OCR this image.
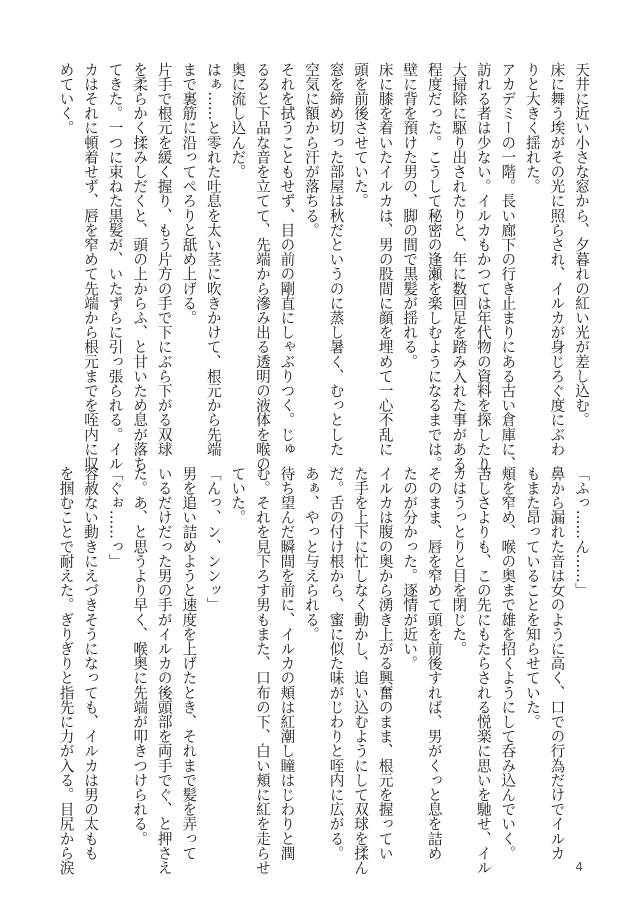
天井に近い小さな窓から、夕暮れの紅い光が差し込む。

床に舞う埃がその光に照らされ、イルカが身じろぐ度にぶわ

りと大きく揺れた。

アカデミーの一階。長い廊下の行き止まりにある古い倉庫に、

訪れる者は少ない。イルカもかつては年代物の資料を探したり、

大掃除に駆り出されたりと、年に数回足を踏み入れた事がある

程度だった。こうして秘密の逢瀬を楽しむようになるまでは。

壁に背を預けた男の、脚の間で黒髪が揺れる。

床に膝を着いたイルカは、男の股間に顔を埋めて一心不乱に

頭を前後させていた。

窓を締め切った部屋は秋だというのに蒸し暑く、むっとした

空気に額から汗が落ちる。

それを拭うこともせず、目の前の剛直にしゃぶりつく。じゅ

るると下品な音を立てて、先端から滲み出る透明の液体を喉の

奥に流し込んだ。

はぁ……と零れた吐息を太い茎に吹きかけて、根元から先端

まで裏筋に沿ってぺろりと舐め上げる。

片手で根元を緩く握り、もう片方の手で下にぶら下がる双球

を柔らかく揉みしだくと、頭の上からふ、と甘いため息が落ち

てきた。一つに束ねた黒髪が、いたずらに引っ張られる。イル

カはそれに頓着せず、唇を窄めて先端から根元までを咥内に収

めていく。

「ふっ……ん……」

鼻から漏れた音は女のように高く、口での行為だけでイルカ

もまた昂っていることを知らせていた。

頬を窄め、喉の奥まで雄を招くようにして呑み込んでいく。

苦しさよりも、この先にもたらされる悦楽に思いを馳せ、イル

カはうっとりと目を閉じた。

そのまま、唇を窄めて頭を前後すれば、男がくっと息を詰め

たのが分かった。逐情が近い。

イルカは腹の奥から湧き上がる興奮のまま、根元を握ってい

た手を上下に忙しなく動かし、追い込むようにして双球を揉ん

だ。舌の付け根から、蜜に似た味がじわりと咥内に広がる。

あぁ、やっと与えられる。

待ち望んだ瞬間を前に、イルカの頬は紅潮し瞳はじわりと潤

む。それを見下ろす男もまた、口布の下、白い頬に紅を走らせ

ていた。

「んっ、ン、ンンッ」

男を追い詰めようと速度を上げたとき、それまで髪を弄って

いるだけだった男の手がイルカの後頭部を両手でぐ、と押さえ

た。あ、と思うより早く、喉奥に先端が叩きつけられる。

「ぐぉ……っ」

容赦ない動きにえづきそうになっても、イルカは男の太もも

を掴むことで耐えた。ぎりぎりと指先に力が入る。目尻から涙	4
